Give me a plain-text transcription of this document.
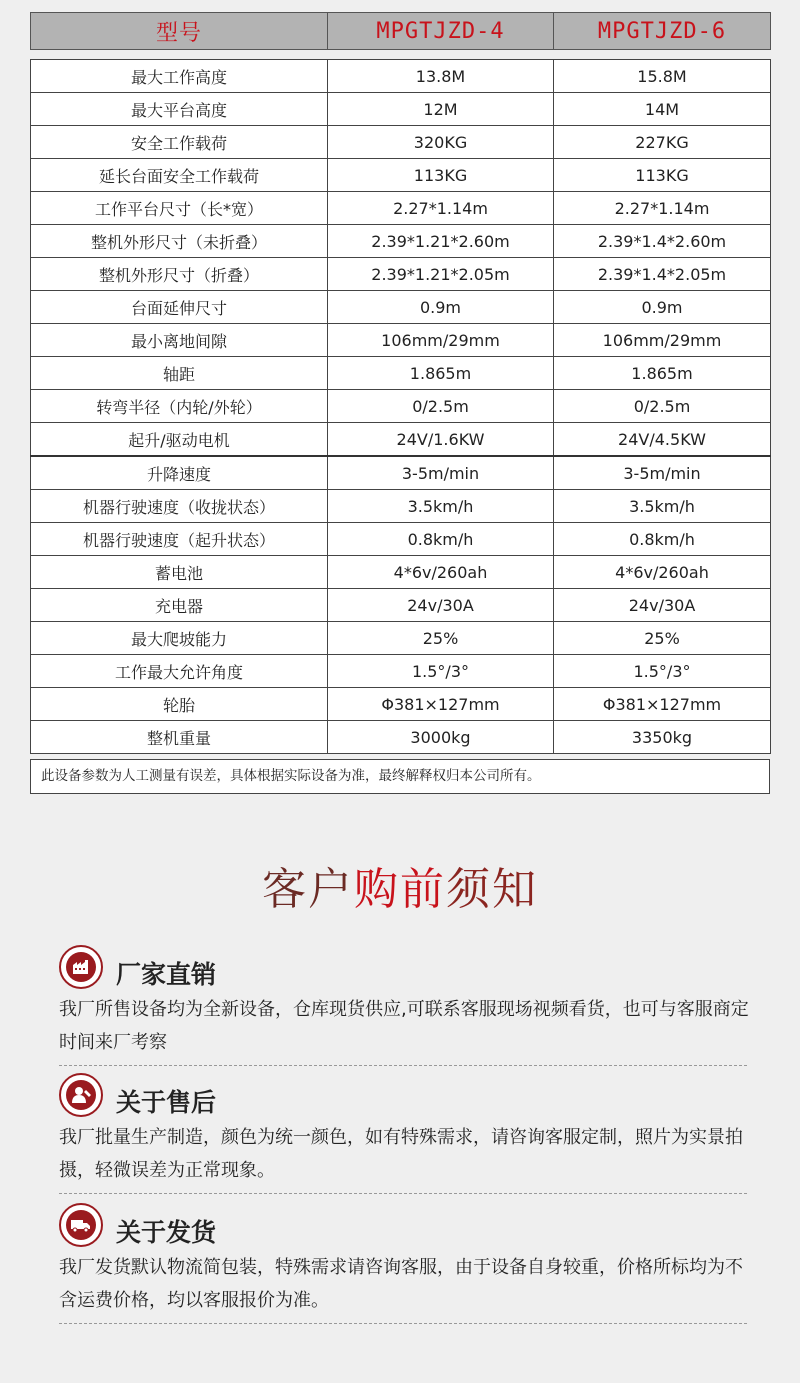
型号	MPGTJZD-4	MPGTJZD-6
最大工作高度	13.8M	15.8M
最大平台高度	12M	14M
安全工作载荷	320KG	227KG
延长台面安全工作载荷	113KG	113KG
工作平台尺寸（长*宽）	2.27*1.14m	2.27*1.14m
整机外形尺寸（未折叠）	2.39*1.21*2.60m	2.39*1.4*2.60m
整机外形尺寸（折叠）	2.39*1.21*2.05m	2.39*1.4*2.05m
台面延伸尺寸	0.9m	0.9m
最小离地间隙	106mm/29mm	106mm/29mm
轴距	1.865m	1.865m
转弯半径（内轮/外轮）	0/2.5m	0/2.5m
起升/驱动电机	24V/1.6KW	24V/4.5KW
升降速度	3-5m/min	3-5m/min
机器行驶速度（收拢状态）	3.5km/h	3.5km/h
机器行驶速度（起升状态）	0.8km/h	0.8km/h
蓄电池	4*6v/260ah	4*6v/260ah
充电器	24v/30A	24v/30A
最大爬坡能力	25%	25%
工作最大允许角度	1.5°/3°	1.5°/3°
轮胎	Φ381×127mm	Φ381×127mm
整机重量	3000kg	3350kg
此设备参数为人工测量有误差，具体根据实际设备为准，最终解释权归本公司所有。
客户购前须知
厂家直销
我厂所售设备均为全新设备，仓库现货供应,可联系客服现场视频看货，也可与客服商定时间来厂考察
关于售后
我厂批量生产制造，颜色为统一颜色，如有特殊需求，请咨询客服定制，照片为实景拍摄，轻微误差为正常现象。
关于发货
我厂发货默认物流简包装，特殊需求请咨询客服，由于设备自身较重，价格所标均为不含运费价格，均以客服报价为准。
